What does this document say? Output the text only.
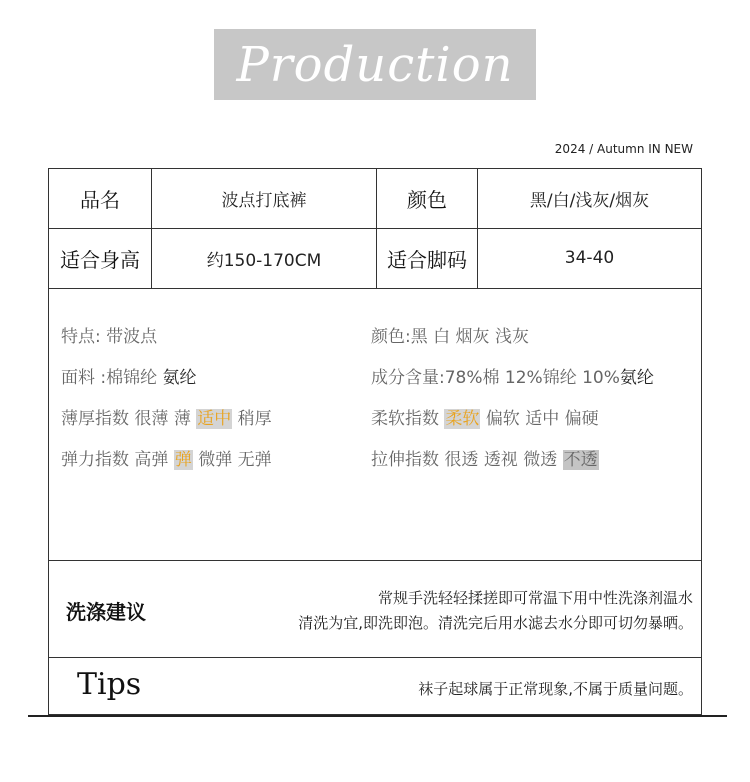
Production
2024 / Autumn IN NEW
品名	波点打底裤	颜色	黑/白/浅灰/烟灰
适合身高	约150-170CM	适合脚码	34-40
特点: 带波点	颜色:黑 白 烟灰 浅灰
面料 :棉锦纶 氨纶	成分含量:78%棉 12%锦纶 10%氨纶
薄厚指数 很薄 薄 适中 稍厚	柔软指数 柔软 偏软 适中 偏硬
弹力指数 高弹 弹 微弹 无弹	拉伸指数 很透 透视 微透 不透
洗涤建议
常规手洗轻轻揉搓即可常温下用中性洗涤剂温水
清洗为宜,即洗即泡。清洗完后用水滤去水分即可切勿暴晒。
Tips	袜子起球属于正常现象,不属于质量问题。
